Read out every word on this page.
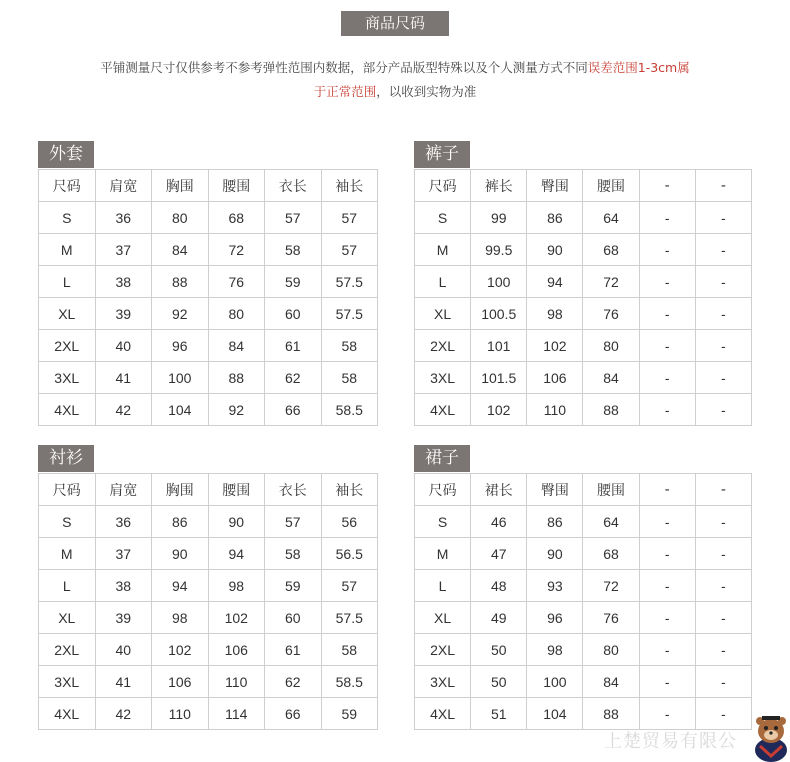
商品尺码
平铺测量尺寸仅供参考不参考弹性范围内数据，部分产品版型特殊以及个人测量方式不同误差范围1-3cm属
于正常范围，以收到实物为准
外套
尺码	肩宽	胸围	腰围	衣长	袖长
S	36	80	68	57	57
M	37	84	72	58	57
L	38	88	76	59	57.5
XL	39	92	80	60	57.5
2XL	40	96	84	61	58
3XL	41	100	88	62	58
4XL	42	104	92	66	58.5
裤子
尺码	裤长	臀围	腰围	-	-
S	99	86	64	-	-
M	99.5	90	68	-	-
L	100	94	72	-	-
XL	100.5	98	76	-	-
2XL	101	102	80	-	-
3XL	101.5	106	84	-	-
4XL	102	110	88	-	-
衬衫
尺码	肩宽	胸围	腰围	衣长	袖长
S	36	86	90	57	56
M	37	90	94	58	56.5
L	38	94	98	59	57
XL	39	98	102	60	57.5
2XL	40	102	106	61	58
3XL	41	106	110	62	58.5
4XL	42	110	114	66	59
裙子
尺码	裙长	臀围	腰围	-	-
S	46	86	64	-	-
M	47	90	68	-	-
L	48	93	72	-	-
XL	49	96	76	-	-
2XL	50	98	80	-	-
3XL	50	100	84	-	-
4XL	51	104	88	-	-
上楚贸易有限公
